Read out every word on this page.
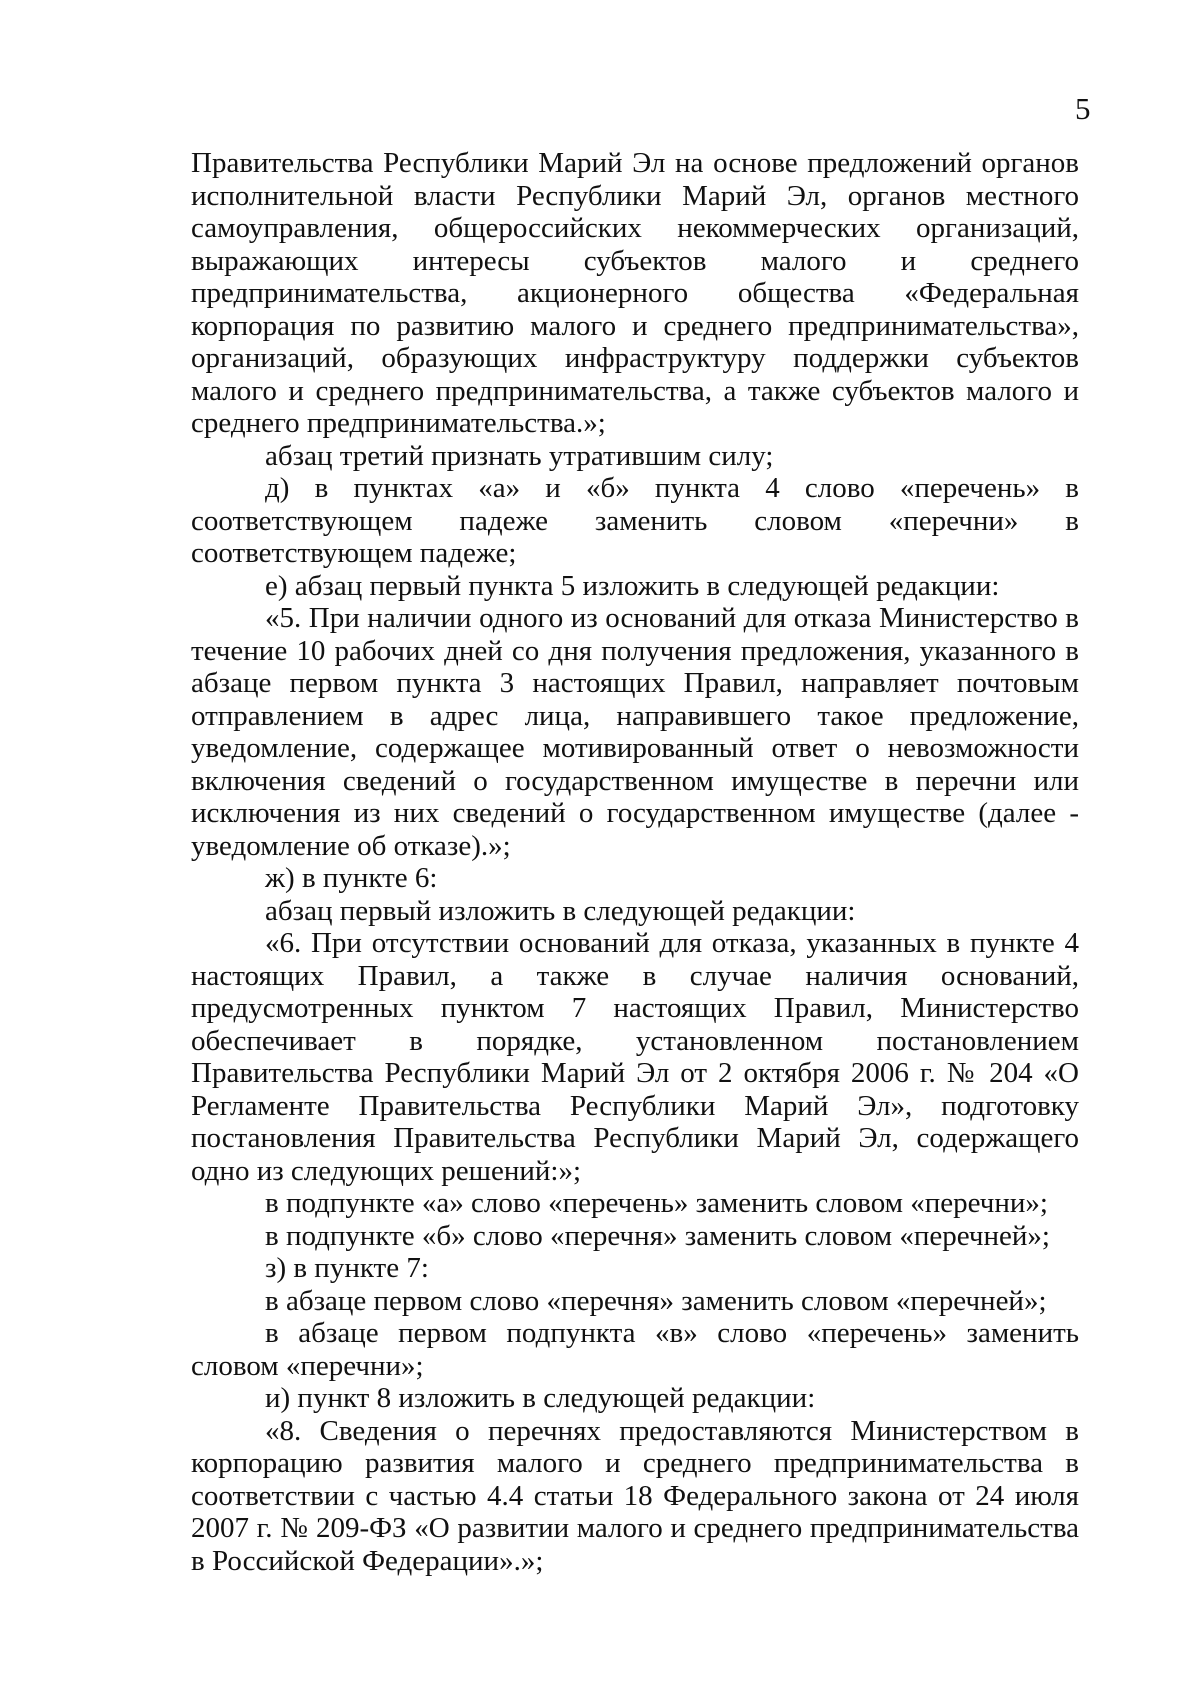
5

Правительства Республики Марий Эл на основе предложений органов исполнительной власти Республики Марий Эл, органов местного самоуправления, общероссийских некоммерческих организаций, выражающих интересы субъектов малого и среднего предпринимательства, акционерного общества «Федеральная корпорация по развитию малого и среднего предпринимательства», организаций, образующих инфраструктуру поддержки субъектов малого и среднего предпринимательства, а также субъектов малого и среднего предпринимательства.»;

абзац третий признать утратившим силу;

д) в пунктах «а» и «б» пункта 4 слово «перечень» в соответствующем падеже заменить словом «перечни» в соответствующем падеже;

е) абзац первый пункта 5 изложить в следующей редакции:

«5. При наличии одного из оснований для отказа Министерство в течение 10 рабочих дней со дня получения предложения, указанного в абзаце первом пункта 3 настоящих Правил, направляет почтовым отправлением в адрес лица, направившего такое предложение, уведомление, содержащее мотивированный ответ о невозможности включения сведений о государственном имуществе в перечни или исключения из них сведений о государственном имуществе (далее - уведомление об отказе).»;

ж) в пункте 6:

абзац первый изложить в следующей редакции:

«6. При отсутствии оснований для отказа, указанных в пункте 4 настоящих Правил, а также в случае наличия оснований, предусмотренных пунктом 7 настоящих Правил, Министерство обеспечивает в порядке, установленном постановлением Правительства Республики Марий Эл от 2 октября 2006 г. № 204 «О Регламенте Правительства Республики Марий Эл», подготовку постановления Правительства Республики Марий Эл, содержащего одно из следующих решений:»;

в подпункте «а» слово «перечень» заменить словом «перечни»;

в подпункте «б» слово «перечня» заменить словом «перечней»;

з) в пункте 7:

в абзаце первом слово «перечня» заменить словом «перечней»;

в абзаце первом подпункта «в» слово «перечень» заменить словом «перечни»;

и) пункт 8 изложить в следующей редакции:

«8. Сведения о перечнях предоставляются Министерством в корпорацию развития малого и среднего предпринимательства в соответствии с частью 4.4 статьи 18 Федерального закона от 24 июля 2007 г. № 209-ФЗ «О развитии малого и среднего предпринимательства в Российской Федерации».»;
